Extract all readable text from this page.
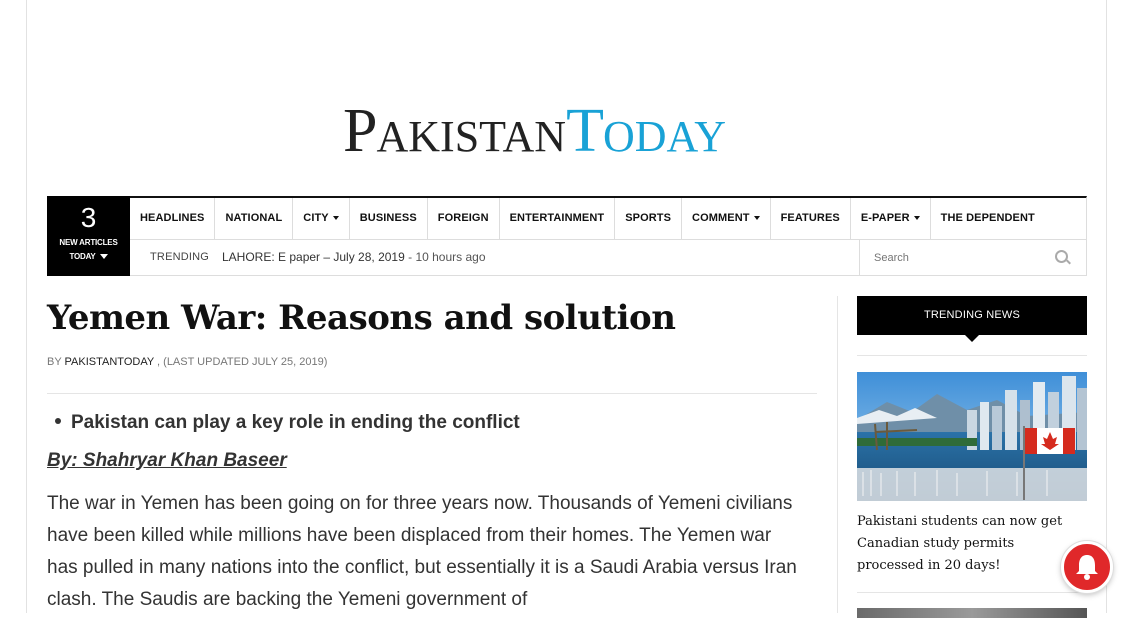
PAKISTANTODAY
3
NEW ARTICLES
TODAY
HEADLINES	NATIONAL	CITY	BUSINESS	FOREIGN	ENTERTAINMENT	SPORTS	COMMENT	FEATURES	E-PAPER	THE DEPENDENT
TRENDING LAHORE: E paper – July 28, 2019 - 10 hours ago
Search
Yemen War: Reasons and solution
BY PAKISTANTODAY , (LAST UPDATED JULY 25, 2019)
Pakistan can play a key role in ending the conflict
By: Shahryar Khan Baseer

The war in Yemen has been going on for three years now. Thousands of Yemeni civilians have been killed while millions have been displaced from their homes. The Yemen war has pulled in many nations into the conflict, but essentially it is a Saudi Arabia versus Iran clash. The Saudis are backing the Yemeni government of

TRENDING NEWS
Pakistani students can now get Canadian study permits processed in 20 days!
